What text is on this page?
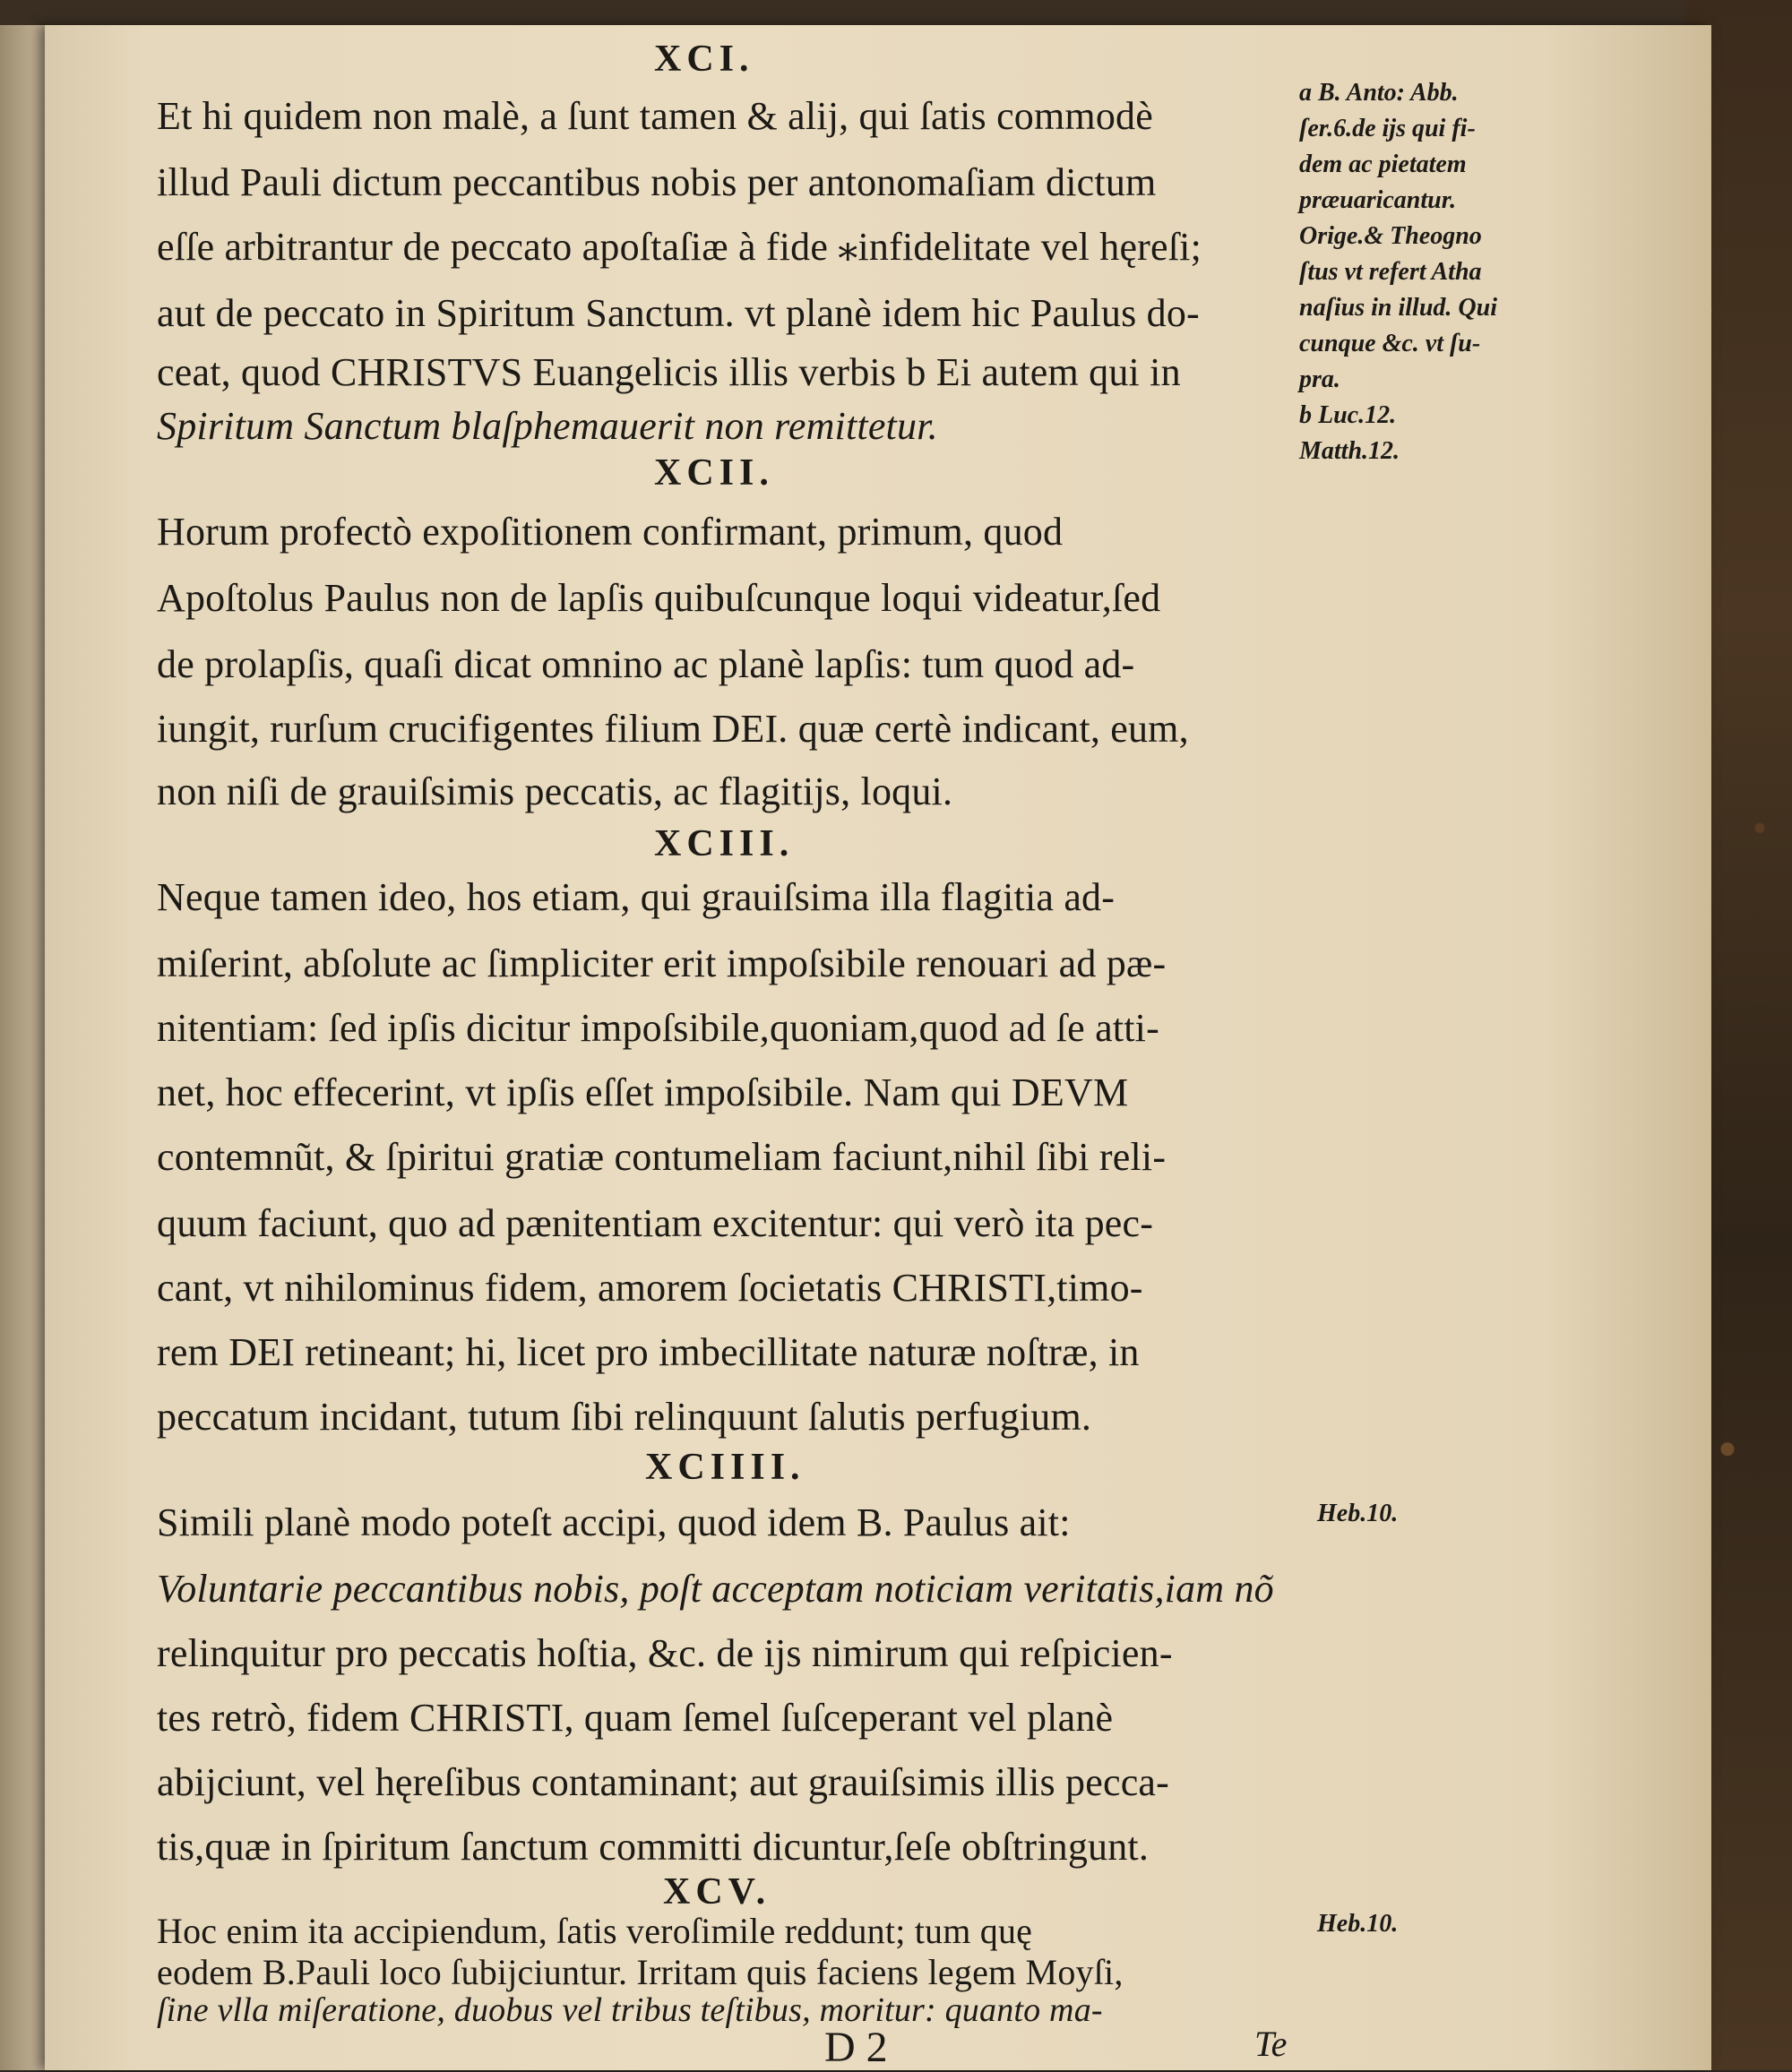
XCI.
Et hi quidem non malè, a ſunt tamen & alij, qui ſatis commodè
illud Pauli dictum peccantibus nobis per antonomaſiam dictum
eſſe arbitrantur de peccato apoſtaſiæ à fide ⁎infidelitate vel hęreſi;
aut de peccato in Spiritum Sanctum. vt planè idem hic Paulus do-
ceat, quod CHRISTVS Euangelicis illis verbis b Ei autem qui in
Spiritum Sanctum blaſphemauerit non remittetur.
XCII.
Horum profectò expoſitionem confirmant, primum, quod
Apoſtolus Paulus non de lapſis quibuſcunque loqui videatur,ſed
de prolapſis, quaſi dicat omnino ac planè lapſis: tum quod ad-
iungit, rurſum crucifigentes filium DEI. quæ certè indicant, eum,
non niſi de grauiſsimis peccatis, ac flagitijs, loqui.
XCIII.
Neque tamen ideo, hos etiam, qui grauiſsima illa flagitia ad-
miſerint, abſolute ac ſimpliciter erit impoſsibile renouari ad pæ-
nitentiam: ſed ipſis dicitur impoſsibile,quoniam,quod ad ſe atti-
net, hoc effecerint, vt ipſis eſſet impoſsibile. Nam qui DEVM
contemnũt, & ſpiritui gratiæ contumeliam faciunt,nihil ſibi reli-
quum faciunt, quo ad pænitentiam excitentur: qui verò ita pec-
cant, vt nihilominus fidem, amorem ſocietatis CHRISTI,timo-
rem DEI retineant; hi, licet pro imbecillitate naturæ noſtræ, in
peccatum incidant, tutum ſibi relinquunt ſalutis perfugium.
XCIIII.
Simili planè modo poteſt accipi, quod idem B. Paulus ait:
Voluntarie peccantibus nobis, poſt acceptam noticiam veritatis,iam nõ
relinquitur pro peccatis hoſtia, &c. de ijs nimirum qui reſpicien-
tes retrò, fidem CHRISTI, quam ſemel ſuſceperant vel planè
abijciunt, vel hęreſibus contaminant; aut grauiſsimis illis pecca-
tis,quæ in ſpiritum ſanctum committi dicuntur,ſeſe obſtringunt.
XCV.
Hoc enim ita accipiendum, ſatis veroſimile reddunt; tum quę
eodem B.Pauli loco ſubijciuntur. Irritam quis faciens legem Moyſi,
ſine vlla miſeratione, duobus vel tribus teſtibus, moritur: quanto ma-
a B. Anto: Abb.
ſer.6.de ijs qui fi-
dem ac pietatem
præuaricantur.
Orige.& Theogno
ſtus vt refert Atha
naſius in illud. Qui
cunque &c. vt ſu-
pra.
b Luc.12.
Matth.12.
Heb.10.
Heb.10.
D 2	Te
